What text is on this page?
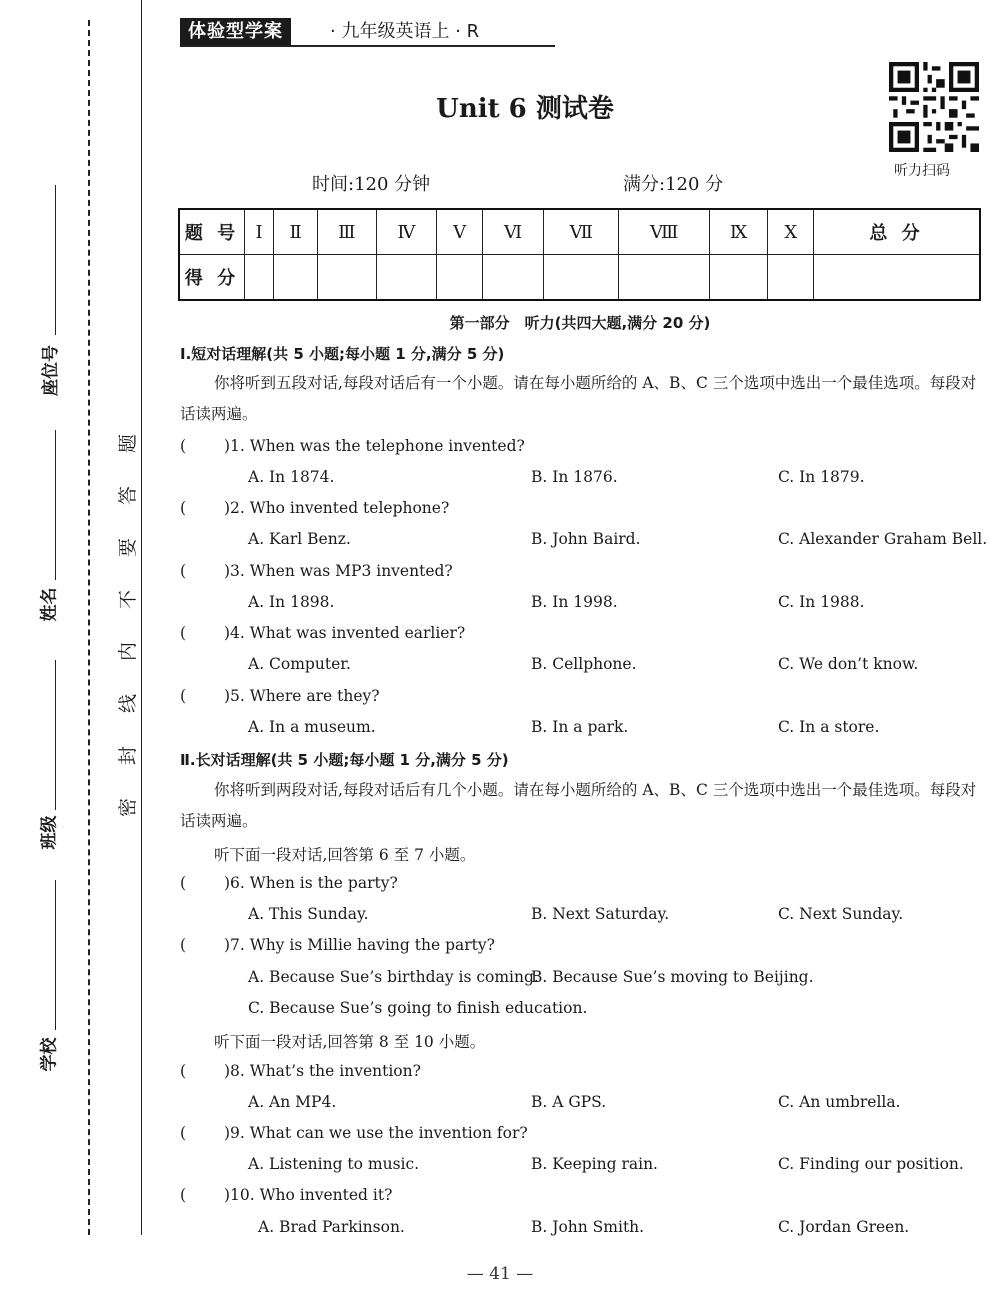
座位号
姓名
班级
学校
题
答
要
不
内
线
封
密
体验型学案	· 九年级英语上 · R
Unit 6 测试卷
听力扫码
时间:120 分钟	满分:120 分
题 号	Ⅰ	Ⅱ	Ⅲ	Ⅳ	Ⅴ	Ⅵ	Ⅶ	Ⅷ	Ⅸ	Ⅹ	总 分
得 分											
第一部分　听力(共四大题,满分 20 分)
Ⅰ.短对话理解(共 5 小题;每小题 1 分,满分 5 分)
你将听到五段对话,每段对话后有一个小题。请在每小题所给的 A、B、C 三个选项中选出一个最佳选项。每段对话读两遍。
( )1. When was the telephone invented?
A. In 1874.	B. In 1876.	C. In 1879.
( )2. Who invented telephone?
A. Karl Benz.	B. John Baird.	C. Alexander Graham Bell.
( )3. When was MP3 invented?
A. In 1898.	B. In 1998.	C. In 1988.
( )4. What was invented earlier?
A. Computer.	B. Cellphone.	C. We don’t know.
( )5. Where are they?
A. In a museum.	B. In a park.	C. In a store.
Ⅱ.长对话理解(共 5 小题;每小题 1 分,满分 5 分)
你将听到两段对话,每段对话后有几个小题。请在每小题所给的 A、B、C 三个选项中选出一个最佳选项。每段对话读两遍。
听下面一段对话,回答第 6 至 7 小题。
( )6. When is the party?
A. This Sunday.	B. Next Saturday.	C. Next Sunday.
( )7. Why is Millie having the party?
A. Because Sue’s birthday is coming.
B. Because Sue’s moving to Beijing.
C. Because Sue’s going to finish education.
听下面一段对话,回答第 8 至 10 小题。
( )8. What’s the invention?
A. An MP4.	B. A GPS.	C. An umbrella.
( )9. What can we use the invention for?
A. Listening to music.	B. Keeping rain.	C. Finding our position.
( )10. Who invented it?
A. Brad Parkinson.	B. John Smith.	C. Jordan Green.
— 41 —
